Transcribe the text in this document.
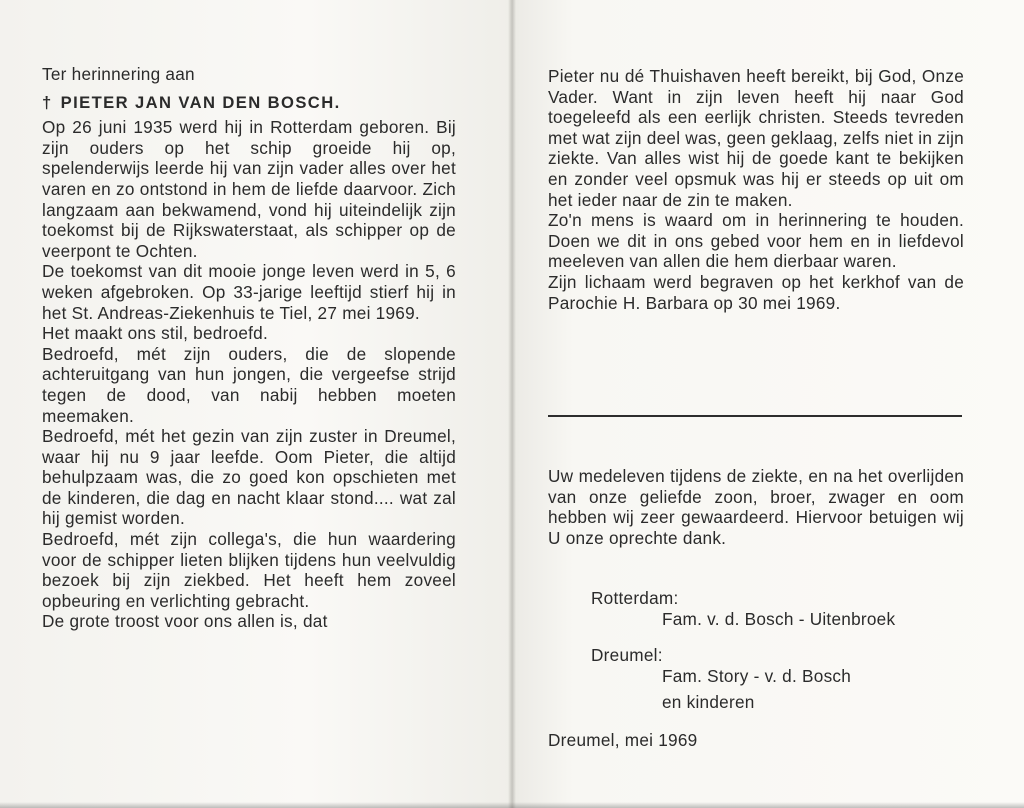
Ter herinnering aan

† PIETER JAN VAN DEN BOSCH.

Op 26 juni 1935 werd hij in Rotterdam geboren. Bij zijn ouders op het schip groeide hij op, spelenderwijs leerde hij van zijn vader alles over het varen en zo ontstond in hem de liefde daarvoor. Zich langzaam aan bekwamend, vond hij uiteindelijk zijn toekomst bij de Rijkswaterstaat, als schipper op de veerpont te Ochten.

De toekomst van dit mooie jonge leven werd in 5, 6 weken afgebroken. Op 33-jarige leeftijd stierf hij in het St. Andreas-Ziekenhuis te Tiel, 27 mei 1969.

Het maakt ons stil, bedroefd.

Bedroefd, mét zijn ouders, die de slopende achteruitgang van hun jongen, die vergeefse strijd tegen de dood, van nabij hebben moeten meemaken.

Bedroefd, mét het gezin van zijn zuster in Dreumel, waar hij nu 9 jaar leefde. Oom Pieter, die altijd behulpzaam was, die zo goed kon opschieten met de kinderen, die dag en nacht klaar stond.... wat zal hij gemist worden.

Bedroefd, mét zijn collega's, die hun waardering voor de schipper lieten blijken tijdens hun veelvuldig bezoek bij zijn ziekbed. Het heeft hem zoveel opbeuring en verlichting gebracht.

De grote troost voor ons allen is, dat

Pieter nu dé Thuishaven heeft bereikt, bij God, Onze Vader. Want in zijn leven heeft hij naar God toegeleefd als een eerlijk christen. Steeds tevreden met wat zijn deel was, geen geklaag, zelfs niet in zijn ziekte. Van alles wist hij de goede kant te bekijken en zonder veel opsmuk was hij er steeds op uit om het ieder naar de zin te maken.

Zo'n mens is waard om in herinnering te houden. Doen we dit in ons gebed voor hem en in liefdevol meeleven van allen die hem dierbaar waren.

Zijn lichaam werd begraven op het kerkhof van de Parochie H. Barbara op 30 mei 1969.

Uw medeleven tijdens de ziekte, en na het overlijden van onze geliefde zoon, broer, zwager en oom hebben wij zeer gewaardeerd. Hiervoor betuigen wij U onze oprechte dank.

Rotterdam:
Fam. v. d. Bosch - Uitenbroek
Dreumel:
Fam. Story - v. d. Bosch
en kinderen
Dreumel, mei 1969
